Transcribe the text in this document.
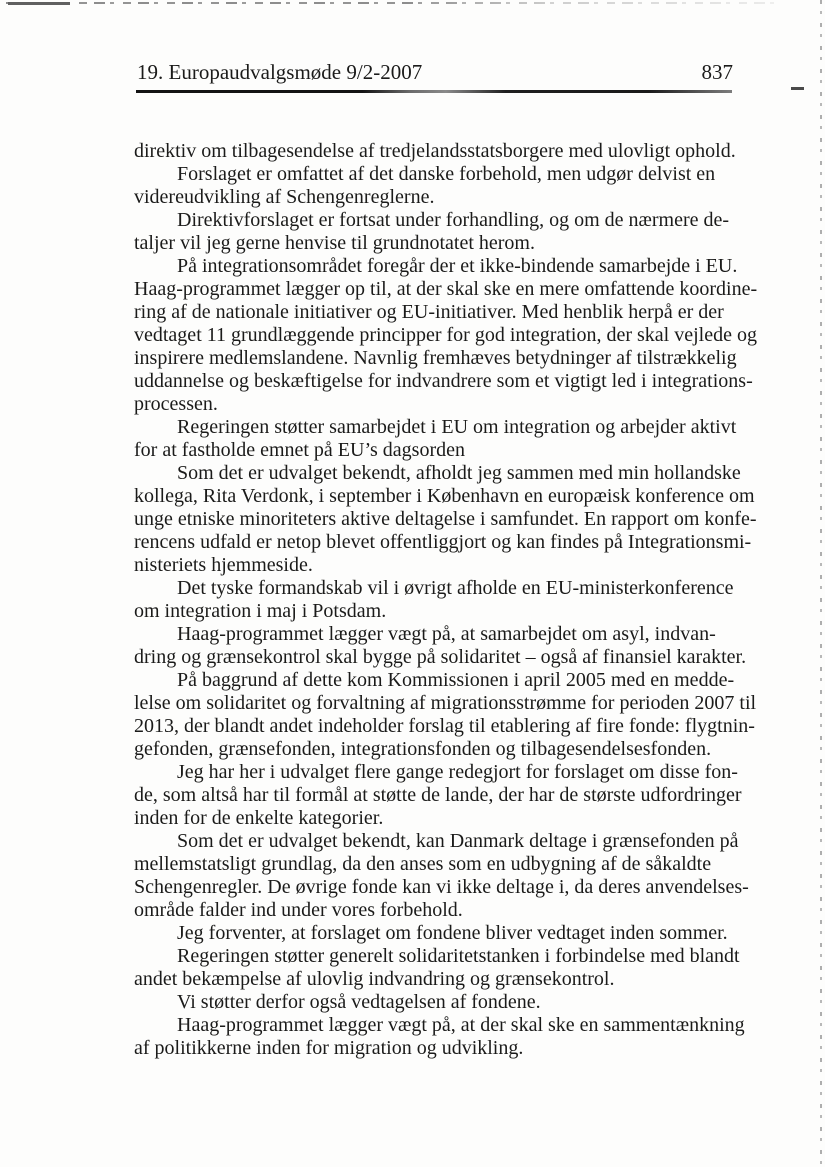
19. Europaudvalgsmøde 9/2-2007	837
direktiv om tilbagesendelse af tredjelandsstatsborgere med ulovligt ophold.
Forslaget er omfattet af det danske forbehold, men udgør delvist en
videreudvikling af Schengenreglerne.
Direktivforslaget er fortsat under forhandling, og om de nærmere de-
taljer vil jeg gerne henvise til grundnotatet herom.
På integrationsområdet foregår der et ikke-bindende samarbejde i EU.
Haag-programmet lægger op til, at der skal ske en mere omfattende koordine-
ring af de nationale initiativer og EU-initiativer. Med henblik herpå er der
vedtaget 11 grundlæggende principper for god integration, der skal vejlede og
inspirere medlemslandene. Navnlig fremhæves betydninger af tilstrækkelig
uddannelse og beskæftigelse for indvandrere som et vigtigt led i integrations-
processen.
Regeringen støtter samarbejdet i EU om integration og arbejder aktivt
for at fastholde emnet på EU’s dagsorden
Som det er udvalget bekendt, afholdt jeg sammen med min hollandske
kollega, Rita Verdonk, i september i København en europæisk konference om
unge etniske minoriteters aktive deltagelse i samfundet. En rapport om konfe-
rencens udfald er netop blevet offentliggjort og kan findes på Integrationsmi-
nisteriets hjemmeside.
Det tyske formandskab vil i øvrigt afholde en EU-ministerkonference
om integration i maj i Potsdam.
Haag-programmet lægger vægt på, at samarbejdet om asyl, indvan-
dring og grænsekontrol skal bygge på solidaritet – også af finansiel karakter.
På baggrund af dette kom Kommissionen i april 2005 med en medde-
lelse om solidaritet og forvaltning af migrationsstrømme for perioden 2007 til
2013, der blandt andet indeholder forslag til etablering af fire fonde: flygtnin-
gefonden, grænsefonden, integrationsfonden og tilbagesendelsesfonden.
Jeg har her i udvalget flere gange redegjort for forslaget om disse fon-
de, som altså har til formål at støtte de lande, der har de største udfordringer
inden for de enkelte kategorier.
Som det er udvalget bekendt, kan Danmark deltage i grænsefonden på
mellemstatsligt grundlag, da den anses som en udbygning af de såkaldte
Schengenregler. De øvrige fonde kan vi ikke deltage i, da deres anvendelses-
område falder ind under vores forbehold.
Jeg forventer, at forslaget om fondene bliver vedtaget inden sommer.
Regeringen støtter generelt solidaritetstanken i forbindelse med blandt
andet bekæmpelse af ulovlig indvandring og grænsekontrol.
Vi støtter derfor også vedtagelsen af fondene.
Haag-programmet lægger vægt på, at der skal ske en sammentænkning
af politikkerne inden for migration og udvikling.
